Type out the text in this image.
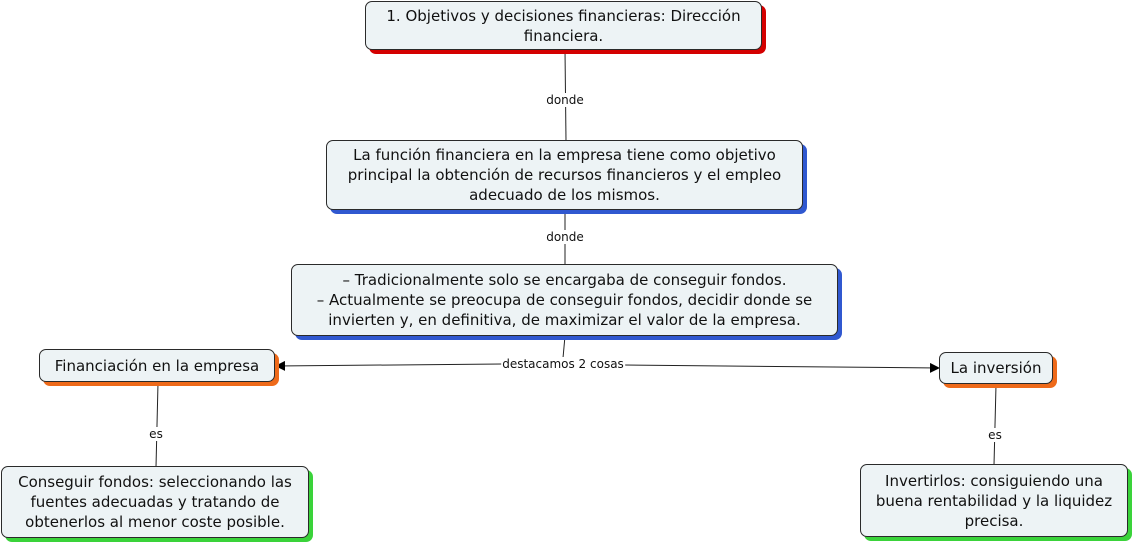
donde
donde
destacamos 2 cosas
es	es
1. Objetivos y decisiones financieras: Dirección
financiera.
La función financiera en la empresa tiene como objetivo
principal la obtención de recursos financieros y el empleo
adecuado de los mismos.
– Tradicionalmente solo se encargaba de conseguir fondos.
– Actualmente se preocupa de conseguir fondos, decidir donde se
invierten y, en definitiva, de maximizar el valor de la empresa.
Financiación en la empresa	La inversión
Conseguir fondos: seleccionando las
fuentes adecuadas y tratando de
obtenerlos al menor coste posible.
Invertirlos: consiguiendo una
buena rentabilidad y la liquidez
precisa.
